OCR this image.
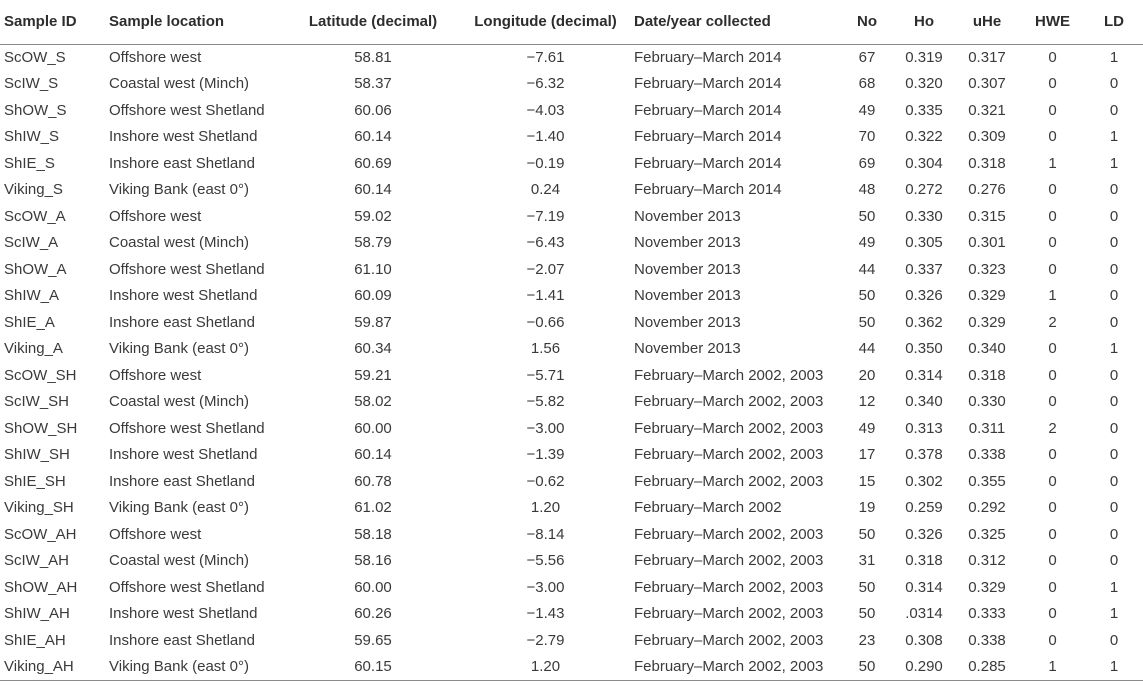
Sample ID	Sample location	Latitude (decimal)	Longitude (decimal)	Date/year collected	No	Ho	uHe	HWE	LD
ScOW_S	Offshore west	58.81	−7.61	February–March 2014	67	0.319	0.317	0	1
ScIW_S	Coastal west (Minch)	58.37	−6.32	February–March 2014	68	0.320	0.307	0	0
ShOW_S	Offshore west Shetland	60.06	−4.03	February–March 2014	49	0.335	0.321	0	0
ShIW_S	Inshore west Shetland	60.14	−1.40	February–March 2014	70	0.322	0.309	0	1
ShIE_S	Inshore east Shetland	60.69	−0.19	February–March 2014	69	0.304	0.318	1	1
Viking_S	Viking Bank (east 0°)	60.14	0.24	February–March 2014	48	0.272	0.276	0	0
ScOW_A	Offshore west	59.02	−7.19	November 2013	50	0.330	0.315	0	0
ScIW_A	Coastal west (Minch)	58.79	−6.43	November 2013	49	0.305	0.301	0	0
ShOW_A	Offshore west Shetland	61.10	−2.07	November 2013	44	0.337	0.323	0	0
ShIW_A	Inshore west Shetland	60.09	−1.41	November 2013	50	0.326	0.329	1	0
ShIE_A	Inshore east Shetland	59.87	−0.66	November 2013	50	0.362	0.329	2	0
Viking_A	Viking Bank (east 0°)	60.34	1.56	November 2013	44	0.350	0.340	0	1
ScOW_SH	Offshore west	59.21	−5.71	February–March 2002, 2003	20	0.314	0.318	0	0
ScIW_SH	Coastal west (Minch)	58.02	−5.82	February–March 2002, 2003	12	0.340	0.330	0	0
ShOW_SH	Offshore west Shetland	60.00	−3.00	February–March 2002, 2003	49	0.313	0.311	2	0
ShIW_SH	Inshore west Shetland	60.14	−1.39	February–March 2002, 2003	17	0.378	0.338	0	0
ShIE_SH	Inshore east Shetland	60.78	−0.62	February–March 2002, 2003	15	0.302	0.355	0	0
Viking_SH	Viking Bank (east 0°)	61.02	1.20	February–March 2002	19	0.259	0.292	0	0
ScOW_AH	Offshore west	58.18	−8.14	February–March 2002, 2003	50	0.326	0.325	0	0
ScIW_AH	Coastal west (Minch)	58.16	−5.56	February–March 2002, 2003	31	0.318	0.312	0	0
ShOW_AH	Offshore west Shetland	60.00	−3.00	February–March 2002, 2003	50	0.314	0.329	0	1
ShIW_AH	Inshore west Shetland	60.26	−1.43	February–March 2002, 2003	50	.0314	0.333	0	1
ShIE_AH	Inshore east Shetland	59.65	−2.79	February–March 2002, 2003	23	0.308	0.338	0	0
Viking_AH	Viking Bank (east 0°)	60.15	1.20	February–March 2002, 2003	50	0.290	0.285	1	1
